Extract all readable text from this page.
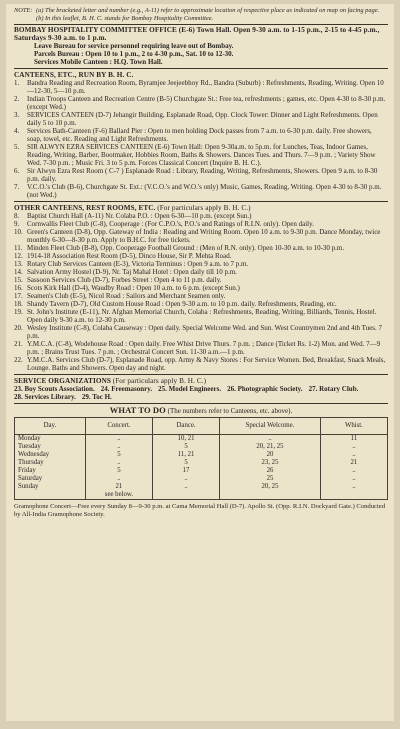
NOTE: (a) The bracketed letter and number (e.g., A-11) refer to approximate location of respective place as indicated on map on facing page.
(b) In this leaflet, B. H. C. stands for Bombay Hospitality Committee.
BOMBAY HOSPITALITY COMMITTEE OFFICE (E-6) Town Hall. Open 9-30 a.m. to 1-15 p.m., 2-15 to 4-45 p.m., Saturdays 9-30 a.m. to 1 p.m.
Leave Bureau for service personnel requiring leave out of Bombay.
Parcels Bureau : Open 10 to 1 p.m., 2 to 4-30 p.m., Sat. 10 to 12-30.
Services Mobile Canteen : H.Q. Town Hall.
CANTEENS, ETC., RUN BY B. H. C.
1.	Bandra Reading and Recreation Room, Byramjee Jeejeebhoy Rd., Bandra (Suburb) : Refreshments, Reading, Writing. Open 10—12-30, 5—10 p.m.
2.	Indian Troops Canteen and Recreation Centre (B-5) Churchgate St.: Free tea, refreshments ; games, etc. Open 4-30 to 8-30 p.m. (except Wed.)
3.	SERVICES CANTEEN (D-7) Jehangir Building, Esplanade Road, Opp. Clock Tower: Dinner and Light Refreshments. Open daily 5 to 10 p.m.
4.	Services Bath-Canteen (F-6) Ballard Pier : Open to men holding Dock passes from 7 a.m. to 6-30 p.m. daily. Free showers, soap, towel, etc. Reading and Light Refreshments.
5.	SIR ALWYN EZRA SERVICES CANTEEN (E-6) Town Hall: Open 9-30a.m. to 5p.m. for Lunches, Teas, Indoor Games, Reading, Writing, Barber, Bootmaker, Hobbies Room, Baths & Showers. Dances Tues. and Thurs. 7—9 p.m. ; Variety Show Wed. 7-30 p.m. ; Music Fri. 3 to 5 p.m. Forces Classical Concert (Inquire B. H. C.).
6.	Sir Alwyn Ezra Rest Room ( C-7 ) Esplanade Road : Library, Reading, Writing, Refreshments, Showers. Open 9 a.m. to 8-30 p.m. daily.
7.	V.C.O.'s Club (B-6), Churchgate St. Ext.: (V.C.O.'s and W.O.'s only) Music, Games, Reading, Writing. Open 4-30 to 8-30 p.m. (not Wed.)
OTHER CANTEENS, REST ROOMS, ETC. (For particulars apply B. H. C.)
8.	Baptist Church Hall (A-11) Nr. Colaba P.O. : Open 6-30—10 p.m. (except Sun.)
9.	Cornwallis Fleet Club (C-8), Cooperage : (For C.P.O.'s, P.O.'s and Ratings of R.I.N. only). Open daily.
10. Green's Canteen (D-8), Opp. Gateway of India : Reading and Writing Room. Open 10 a.m. to 9-30 p.m. Dance Monday, twice monthly 6-30—8-30 p.m. Apply to B.H.C. for free tickets.
11. Minden Fleet Club (B-8), Opp. Cooperage Football Ground : (Men of R.N. only). Open 10-30 a.m. to 10-30 p.m.
12. 1914-18 Association Rest Room (D-5), Dinco House, Sir P. Mehta Road.
13. Rotary Club Services Canteen (E-3), Victoria Terminus : Open 9 a.m. to 7 p.m.
14. Salvation Army Hostel (D-9), Nr. Taj Mahal Hotel : Open daily till 10 p.m.
15. Sassoon Services Club (D-7), Forbes Street : Open 4 to 11 p.m. daily.
16. Scots Kirk Hall (D-4), Waudby Road : Open 10 a.m. to 6 p.m. (except Sun.)
17. Seamen's Club (E-5), Nicol Road : Sailors and Merchant Seamen only.
18. Shandy Tavern (D-7), Old Custom House Road : Open 9-30 a.m. to 10 p.m. daily. Refreshments, Reading, etc.
19. St. John's Institute (E-11), Nr. Afghan Memorial Church, Colaba : Refreshments, Reading, Writing, Billiards, Tennis, Hostel. Open daily 9-30 a.m. to 12-30 p.m.
20. Wesley Institute (C-8), Colaba Causeway : Open daily. Special Welcome Wed. and Sun. West Countrymen 2nd and 4th Tues. 7 p.m.
21. Y.M.C.A. (C-8), Wodehouse Road : Open daily. Free Whist Drive Thurs. 7 p.m. ; Dance (Ticket Rs. 1-2) Mon. and Wed. 7—9 p.m. ; Brains Trust Tues. 7 p.m. ; Orchestral Concert Sun. 11-30 a.m.—1 p.m.
22. Y.M.C.A. Services Club (D-7), Esplanade Road, opp. Army & Navy Stores : For Service Women. Bed, Breakfast, Snack Meals, Lounge. Baths and Showers. Open day and night.
SERVICE ORGANIZATIONS (For particulars apply B. H. C.)
23. Boy Scouts Association. 24. Freemasonry. 25. Model Engineers. 26. Photographic Society. 27. Rotary Club.
28. Services Library. 29. Toc H.
WHAT TO DO (The numbers refer to Canteens, etc. above).
Day.	Concert.	Dance.	Special Welcome.	Whist.
Monday	..	10, 21	..	11
Tuesday	..	5	20, 21, 25	..
Wednesday	5	11, 21	20	..
Thursday	..	5	23, 25	21
Friday	5	17	26	..
Saturday	..	..	25	..
Sunday	21	..	20, 25	..
	see below.			
Gramophone Concert—Free every Sunday 8—9-30 p.m. at Cama Memorial Hall (D-7). Apollo St. (Opp. R.I.N. Dockyard Gate.) Conducted by All-India Gramophone Society.
